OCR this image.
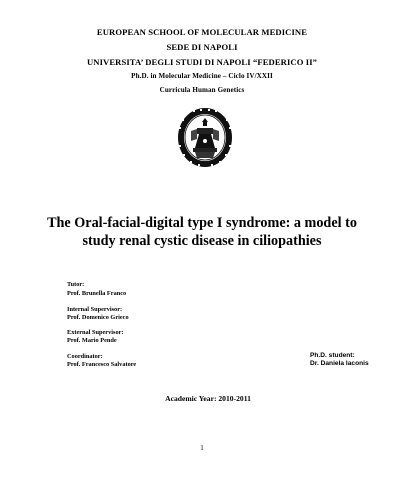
EUROPEAN SCHOOL OF MOLECULAR MEDICINE
SEDE DI NAPOLI
UNIVERSITA’ DEGLI STUDI DI NAPOLI “FEDERICO II”
Ph.D. in Molecular Medicine – Ciclo IV/XXII
Curricula Human Genetics
The Oral-facial-digital type I syndrome: a model to
study renal cystic disease in ciliopathies
Tutor:
Prof. Brunella Franco
Internal Supervisor:
Prof. Domenico Grieco
External Supervisor:
Prof. Mario Pende
Coordinator:
Prof. Francesco Salvatore
Ph.D. student:
Dr. Daniela Iaconis
Academic Year: 2010-2011
1
